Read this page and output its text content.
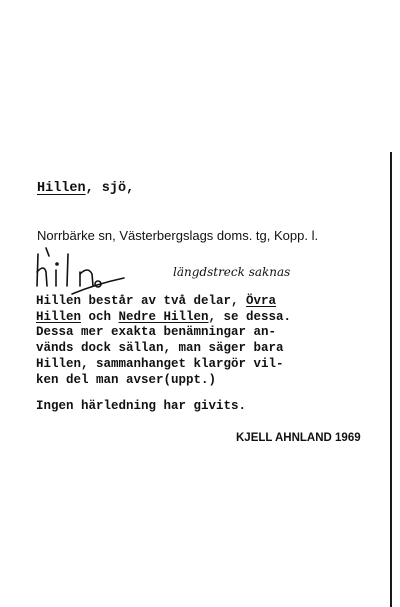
Hillen, sjö,
Norrbärke sn, Västerbergslags doms. tg, Kopp. l.
längdstreck saknas
Hillen består av två delar, Övra
Hillen och Nedre Hillen, se dessa.
Dessa mer exakta benämningar an-
vänds dock sällan, man säger bara
Hillen, sammanhanget klargör vil-
ken del man avser(uppt.)
Ingen härledning har givits.
KJELL AHNLAND 1969
